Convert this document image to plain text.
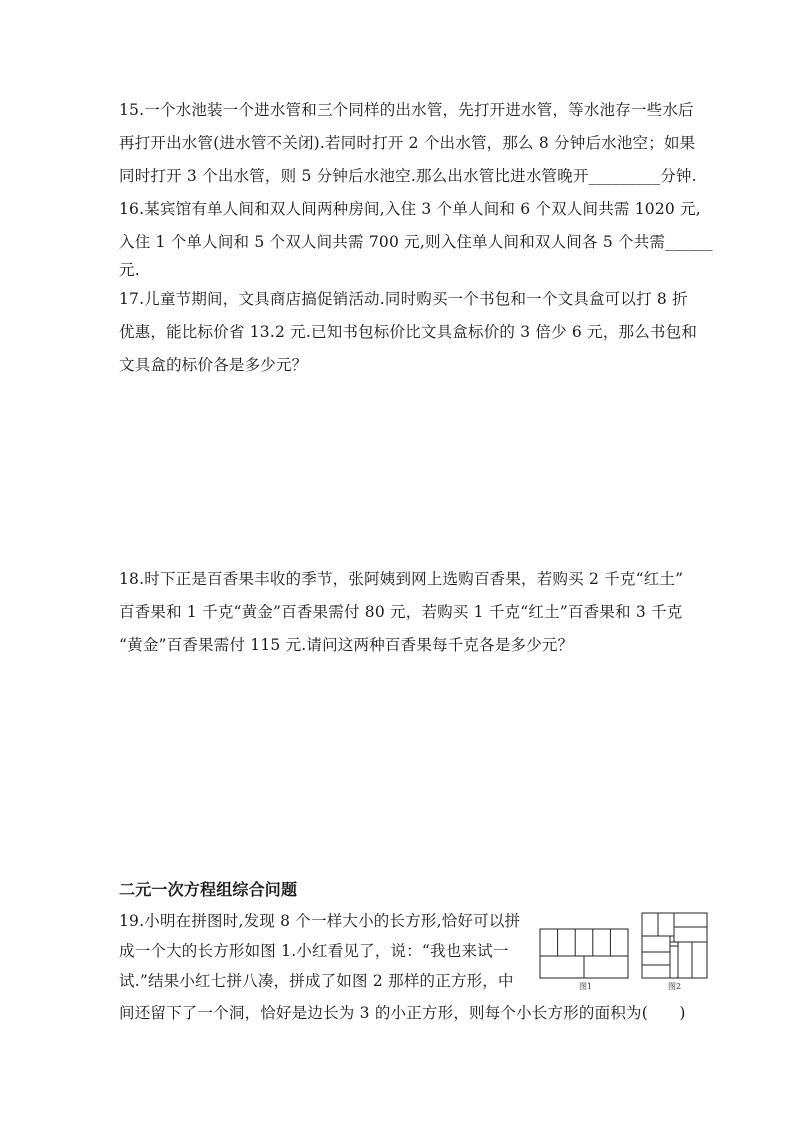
15.一个水池装一个进水管和三个同样的出水管，先打开进水管，等水池存一些水后
再打开出水管(进水管不关闭).若同时打开 2 个出水管，那么 8 分钟后水池空；如果
同时打开 3 个出水管，则 5 分钟后水池空.那么出水管比进水管晚开_________分钟.
16.某宾馆有单人间和双人间两种房间,入住 3 个单人间和 6 个双人间共需 1020 元,
入住 1 个单人间和 5 个双人间共需 700 元,则入住单人间和双人间各 5 个共需______
元.
17.儿童节期间，文具商店搞促销活动.同时购买一个书包和一个文具盒可以打 8 折
优惠，能比标价省 13.2 元.已知书包标价比文具盒标价的 3 倍少 6 元，那么书包和
文具盒的标价各是多少元？
18.时下正是百香果丰收的季节，张阿姨到网上选购百香果，若购买 2 千克“红土”
百香果和 1 千克“黄金”百香果需付 80 元，若购买 1 千克“红土”百香果和 3 千克
“黄金”百香果需付 115 元.请问这两种百香果每千克各是多少元？
二元一次方程组综合问题
19.小明在拼图时,发现 8 个一样大小的长方形,恰好可以拼
成一个大的长方形如图 1.小红看见了，说：“我也来试一
试.”结果小红七拼八凑，拼成了如图 2 那样的正方形，中
间还留下了一个洞，恰好是边长为 3 的小正方形，则每个小长方形的面积为(　　)
图1	图2
